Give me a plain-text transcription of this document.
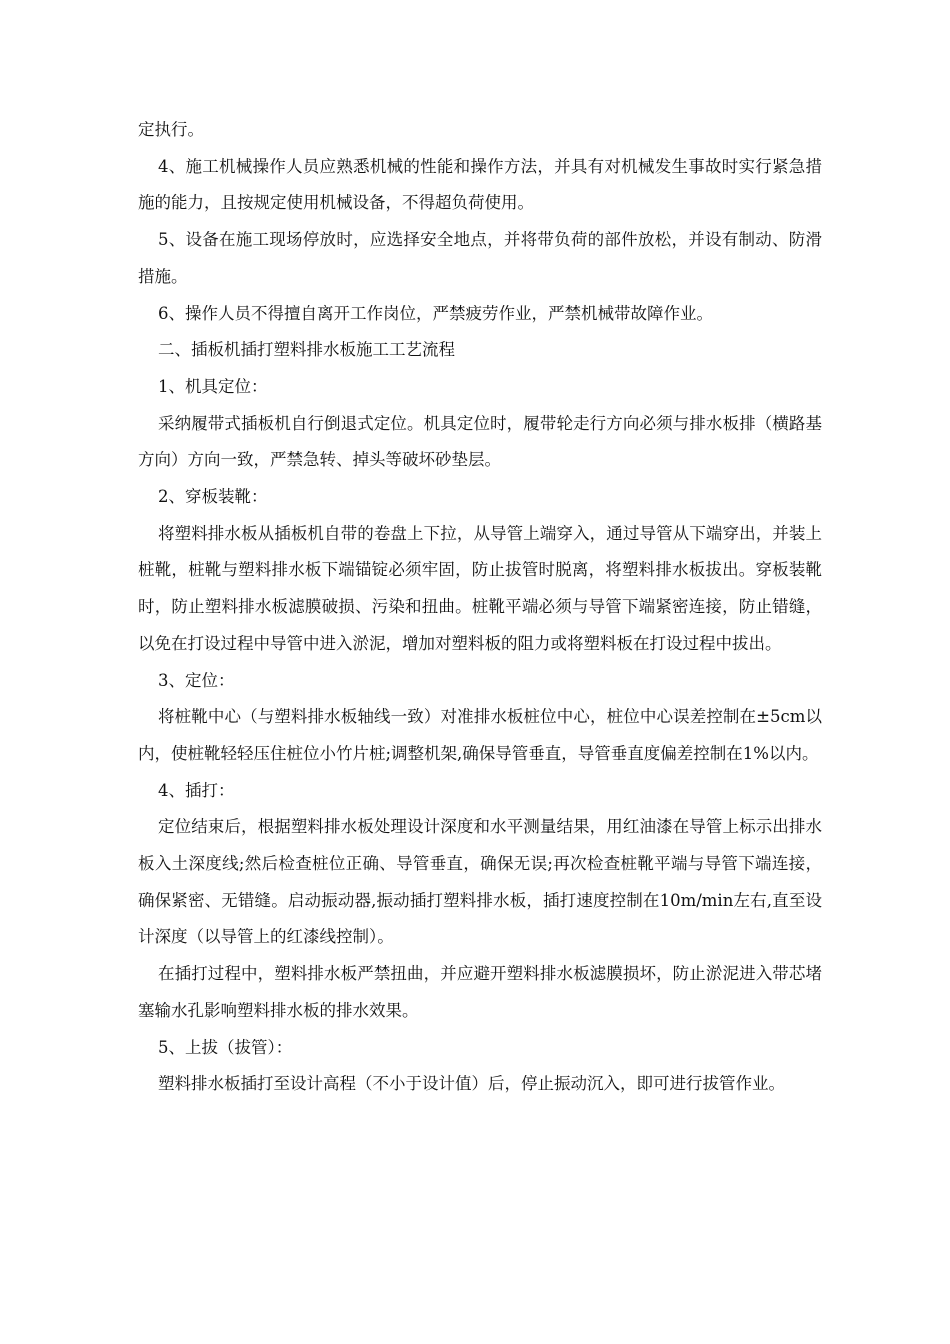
定执行。

4、施工机械操作人员应熟悉机械的性能和操作方法，并具有对机械发生事故时实行紧急措施的能力，且按规定使用机械设备，不得超负荷使用。

5、设备在施工现场停放时，应选择安全地点，并将带负荷的部件放松，并设有制动、防滑措施。

6、操作人员不得擅自离开工作岗位，严禁疲劳作业，严禁机械带故障作业。

二、插板机插打塑料排水板施工工艺流程

1、机具定位：

采纳履带式插板机自行倒退式定位。机具定位时，履带轮走行方向必须与排水板排（横路基方向）方向一致，严禁急转、掉头等破坏砂垫层。

2、穿板装靴：

将塑料排水板从插板机自带的卷盘上下拉，从导管上端穿入，通过导管从下端穿出，并装上桩靴，桩靴与塑料排水板下端锚锭必须牢固，防止拔管时脱离，将塑料排水板拔出。穿板装靴时，防止塑料排水板滤膜破损、污染和扭曲。桩靴平端必须与导管下端紧密连接，防止错缝，以免在打设过程中导管中进入淤泥，增加对塑料板的阻力或将塑料板在打设过程中拔出。

3、定位：

将桩靴中心（与塑料排水板轴线一致）对准排水板桩位中心，桩位中心误差控制在±5cm以内，使桩靴轻轻压住桩位小竹片桩;调整机架,确保导管垂直，导管垂直度偏差控制在1%以内。

4、插打：

定位结束后，根据塑料排水板处理设计深度和水平测量结果，用红油漆在导管上标示出排水板入土深度线;然后检查桩位正确、导管垂直，确保无误;再次检查桩靴平端与导管下端连接，确保紧密、无错缝。启动振动器,振动插打塑料排水板，插打速度控制在10m/min左右,直至设计深度（以导管上的红漆线控制）。

在插打过程中，塑料排水板严禁扭曲，并应避开塑料排水板滤膜损坏，防止淤泥进入带芯堵塞输水孔影响塑料排水板的排水效果。

5、上拔（拔管）：

塑料排水板插打至设计高程（不小于设计值）后，停止振动沉入，即可进行拔管作业。
